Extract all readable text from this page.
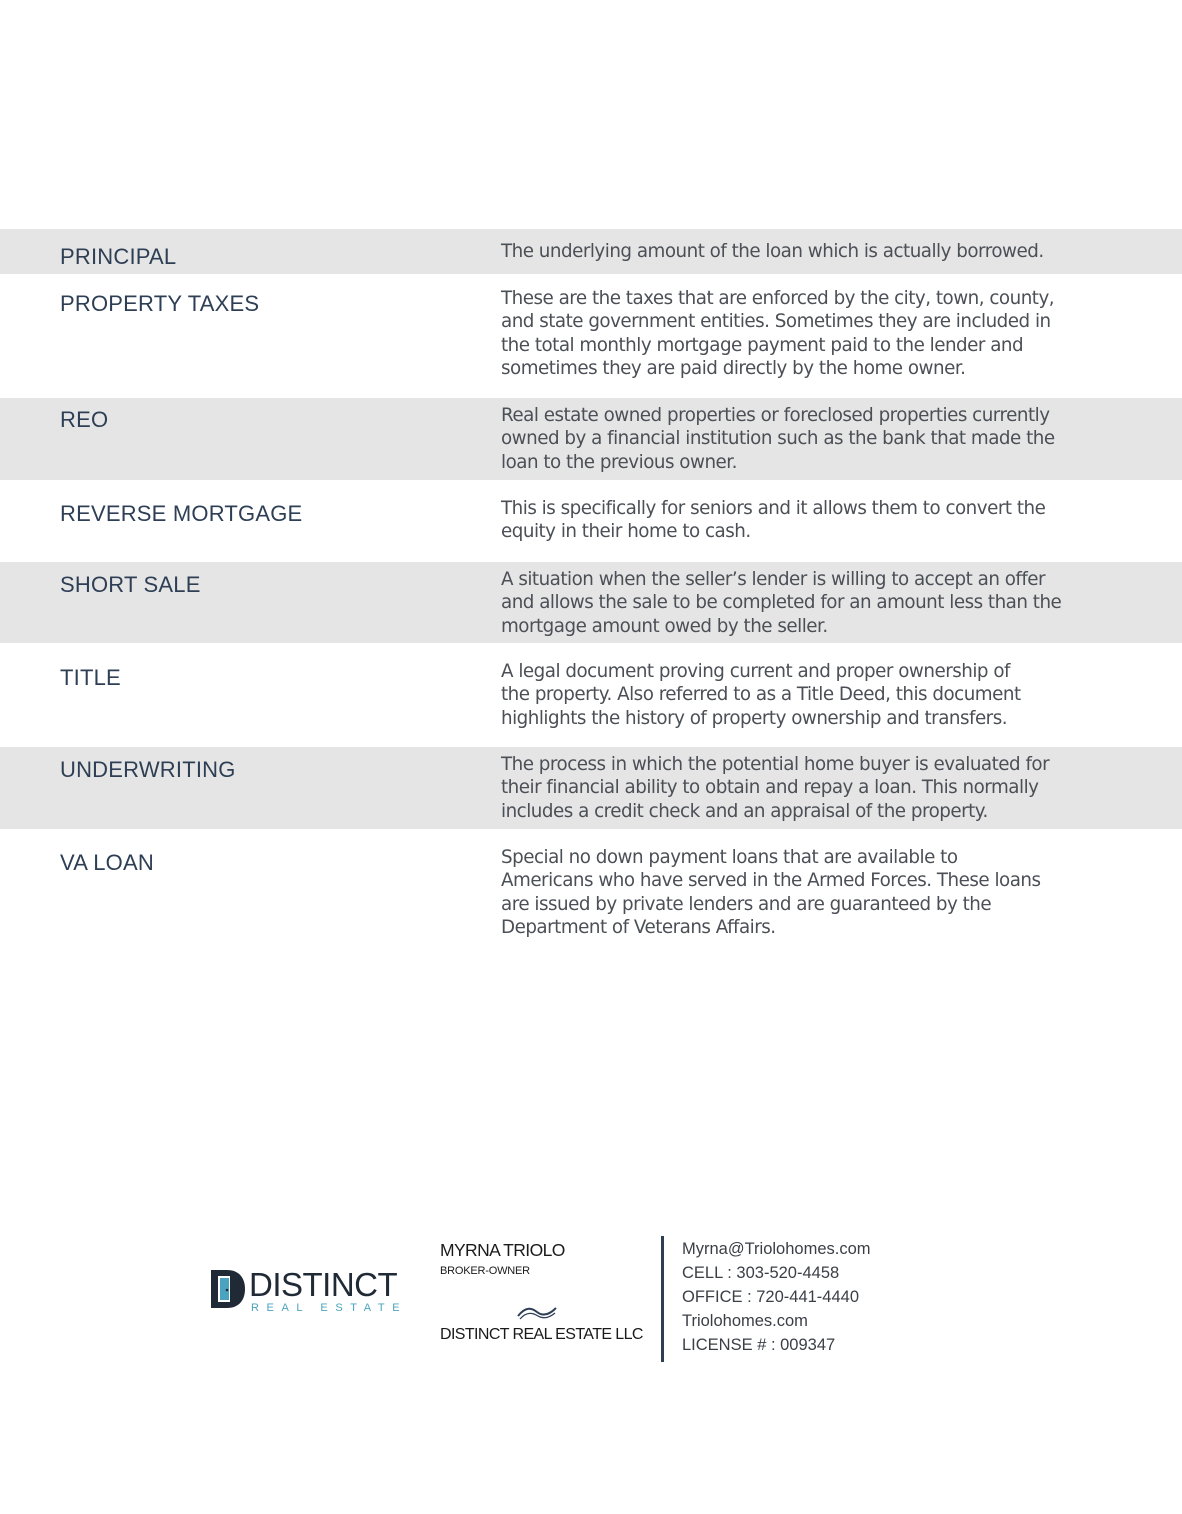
PRINCIPAL	The underlying amount of the loan which is actually borrowed.
PROPERTY TAXES	These are the taxes that are enforced by the city, town, county,
and state government entities. Sometimes they are included in
the total monthly mortgage payment paid to the lender and
sometimes they are paid directly by the home owner.
REO	Real estate owned properties or foreclosed properties currently
owned by a financial institution such as the bank that made the
loan to the previous owner.
REVERSE MORTGAGE	This is specifically for seniors and it allows them to convert the
equity in their home to cash.
SHORT SALE	A situation when the seller’s lender is willing to accept an offer
and allows the sale to be completed for an amount less than the
mortgage amount owed by the seller.
TITLE	A legal document proving current and proper ownership of
the property. Also referred to as a Title Deed, this document
highlights the history of property ownership and transfers.
UNDERWRITING	The process in which the potential home buyer is evaluated for
their financial ability to obtain and repay a loan. This normally
includes a credit check and an appraisal of the property.
VA LOAN	Special no down payment loans that are available to
Americans who have served in the Armed Forces. These loans
are issued by private lenders and are guaranteed by the
Department of Veterans Affairs.
DISTINCT
REAL ESTATE
MYRNA TRIOLO
BROKER-OWNER
DISTINCT REAL ESTATE LLC
Myrna@Triolohomes.com
CELL : 303-520-4458
OFFICE : 720-441-4440
Triolohomes.com
LICENSE # : 009347
